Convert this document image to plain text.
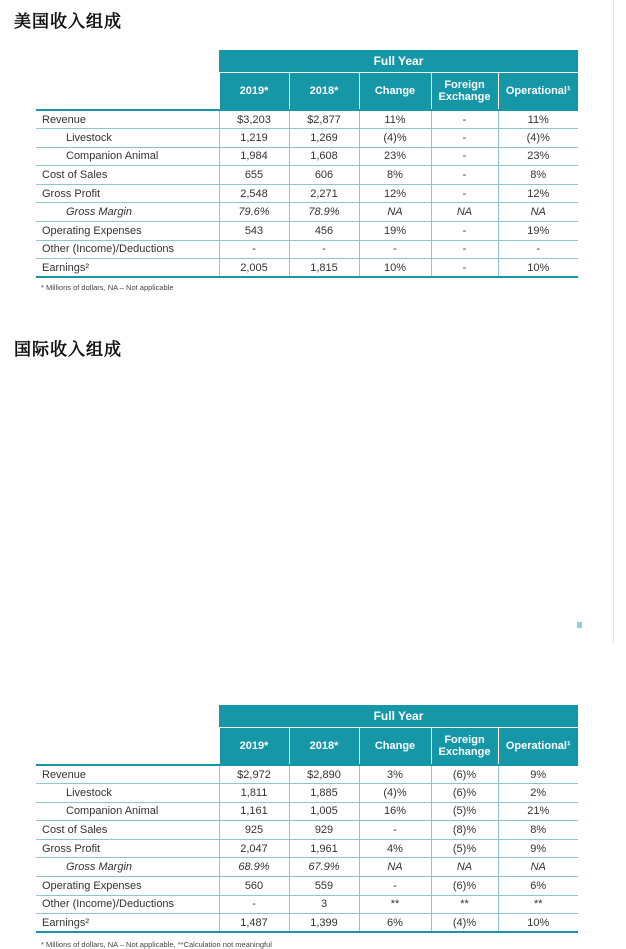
美国收入组成
	Full Year				
	2019*	2018*	Change	Foreign Exchange	Operational¹
Revenue	$3,203	$2,877	11%	-	11%
Livestock	1,219	1,269	(4)%	-	(4)%
Companion Animal	1,984	1,608	23%	-	23%
Cost of Sales	655	606	8%	-	8%
Gross Profit	2,548	2,271	12%	-	12%
Gross Margin	79.6%	78.9%	NA	NA	NA
Operating Expenses	543	456	19%	-	19%
Other (Income)/Deductions	-	-	-	-	-
Earnings²	2,005	1,815	10%	-	10%
* Millions of dollars, NA – Not applicable
国际收入组成
	Full Year				
	2019*	2018*	Change	Foreign Exchange	Operational¹
Revenue	$2,972	$2,890	3%	(6)%	9%
Livestock	1,811	1,885	(4)%	(6)%	2%
Companion Animal	1,161	1,005	16%	(5)%	21%
Cost of Sales	925	929	-	(8)%	8%
Gross Profit	2,047	1,961	4%	(5)%	9%
Gross Margin	68.9%	67.9%	NA	NA	NA
Operating Expenses	560	559	-	(6)%	6%
Other (Income)/Deductions	-	3	**	**	**
Earnings²	1,487	1,399	6%	(4)%	10%
* Millions of dollars, NA – Not applicable, **Calculation not meaningful
